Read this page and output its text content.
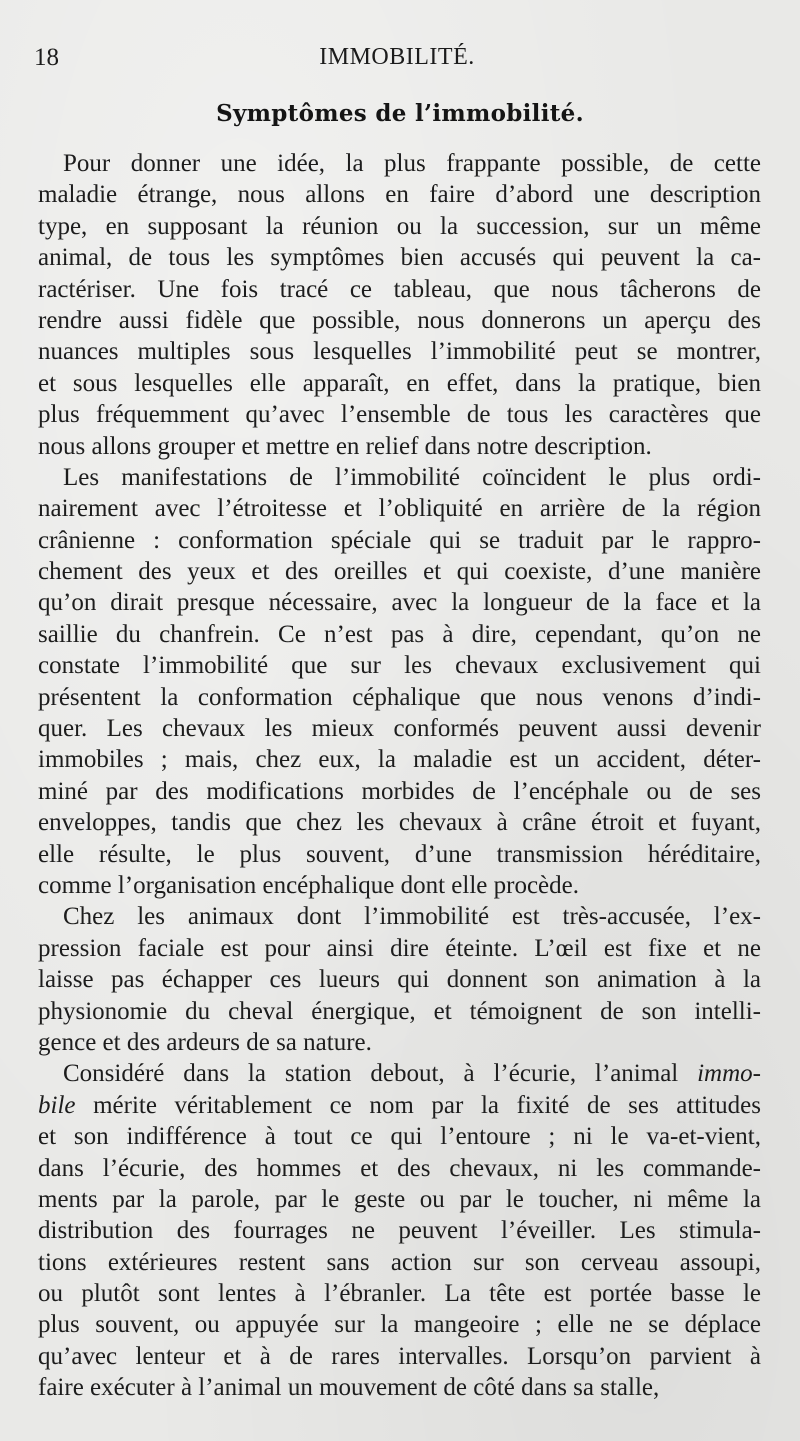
18	IMMOBILITÉ.
Symptômes de l’immobilité.
Pour donner une idée, la plus frappante possible, de cette
maladie étrange, nous allons en faire d’abord une description
type, en supposant la réunion ou la succession, sur un même
animal, de tous les symptômes bien accusés qui peuvent la ca-
ractériser. Une fois tracé ce tableau, que nous tâcherons de
rendre aussi fidèle que possible, nous donnerons un aperçu des
nuances multiples sous lesquelles l’immobilité peut se montrer,
et sous lesquelles elle apparaît, en effet, dans la pratique, bien
plus fréquemment qu’avec l’ensemble de tous les caractères que
nous allons grouper et mettre en relief dans notre description.
Les manifestations de l’immobilité coïncident le plus ordi-
nairement avec l’étroitesse et l’obliquité en arrière de la région
crânienne : conformation spéciale qui se traduit par le rappro-
chement des yeux et des oreilles et qui coexiste, d’une manière
qu’on dirait presque nécessaire, avec la longueur de la face et la
saillie du chanfrein. Ce n’est pas à dire, cependant, qu’on ne
constate l’immobilité que sur les chevaux exclusivement qui
présentent la conformation céphalique que nous venons d’indi-
quer. Les chevaux les mieux conformés peuvent aussi devenir
immobiles ; mais, chez eux, la maladie est un accident, déter-
miné par des modifications morbides de l’encéphale ou de ses
enveloppes, tandis que chez les chevaux à crâne étroit et fuyant,
elle résulte, le plus souvent, d’une transmission héréditaire,
comme l’organisation encéphalique dont elle procède.
Chez les animaux dont l’immobilité est très-accusée, l’ex-
pression faciale est pour ainsi dire éteinte. L’œil est fixe et ne
laisse pas échapper ces lueurs qui donnent son animation à la
physionomie du cheval énergique, et témoignent de son intelli-
gence et des ardeurs de sa nature.
Considéré dans la station debout, à l’écurie, l’animal immo-
bile mérite véritablement ce nom par la fixité de ses attitudes
et son indifférence à tout ce qui l’entoure ; ni le va-et-vient,
dans l’écurie, des hommes et des chevaux, ni les commande-
ments par la parole, par le geste ou par le toucher, ni même la
distribution des fourrages ne peuvent l’éveiller. Les stimula-
tions extérieures restent sans action sur son cerveau assoupi,
ou plutôt sont lentes à l’ébranler. La tête est portée basse le
plus souvent, ou appuyée sur la mangeoire ; elle ne se déplace
qu’avec lenteur et à de rares intervalles. Lorsqu’on parvient à
faire exécuter à l’animal un mouvement de côté dans sa stalle,
